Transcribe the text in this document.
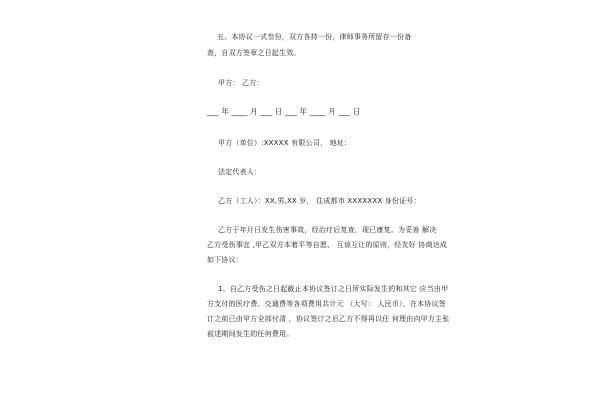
五、本协议一式叁份，双方各持一份，律师事务所留存一份备
查，自双方签章之日起生效。
甲方： 乙方：
___ 年 ____ 月 ___ 日 ___ 年 ____ 月 ___ 日
甲方（单位）:XXXXX 有限公司， 地址：
法定代表人：
乙方（工人）：XX,男,XX 岁， 住成都市 XXXXXXX 身份证号：
乙方于年月日发生伤害事故，经治疗后复查，现已康复。为妥善 解决
乙方受伤事宜 ,甲乙双方本着平等自愿、 互谅互让的原则，经友好 协商达成
如下协议：
1、自乙方受伤之日起截止本协议签订之日所实际发生的和其它 应当由甲
方支付的医疗费、交通费等各项费用共计元 （大写： 人民币），在本协议签
订之前已由甲方全部付清 ，协议签订之后乙方不得再以任 何理由向甲方主张
前述期间发生的任何费用。
